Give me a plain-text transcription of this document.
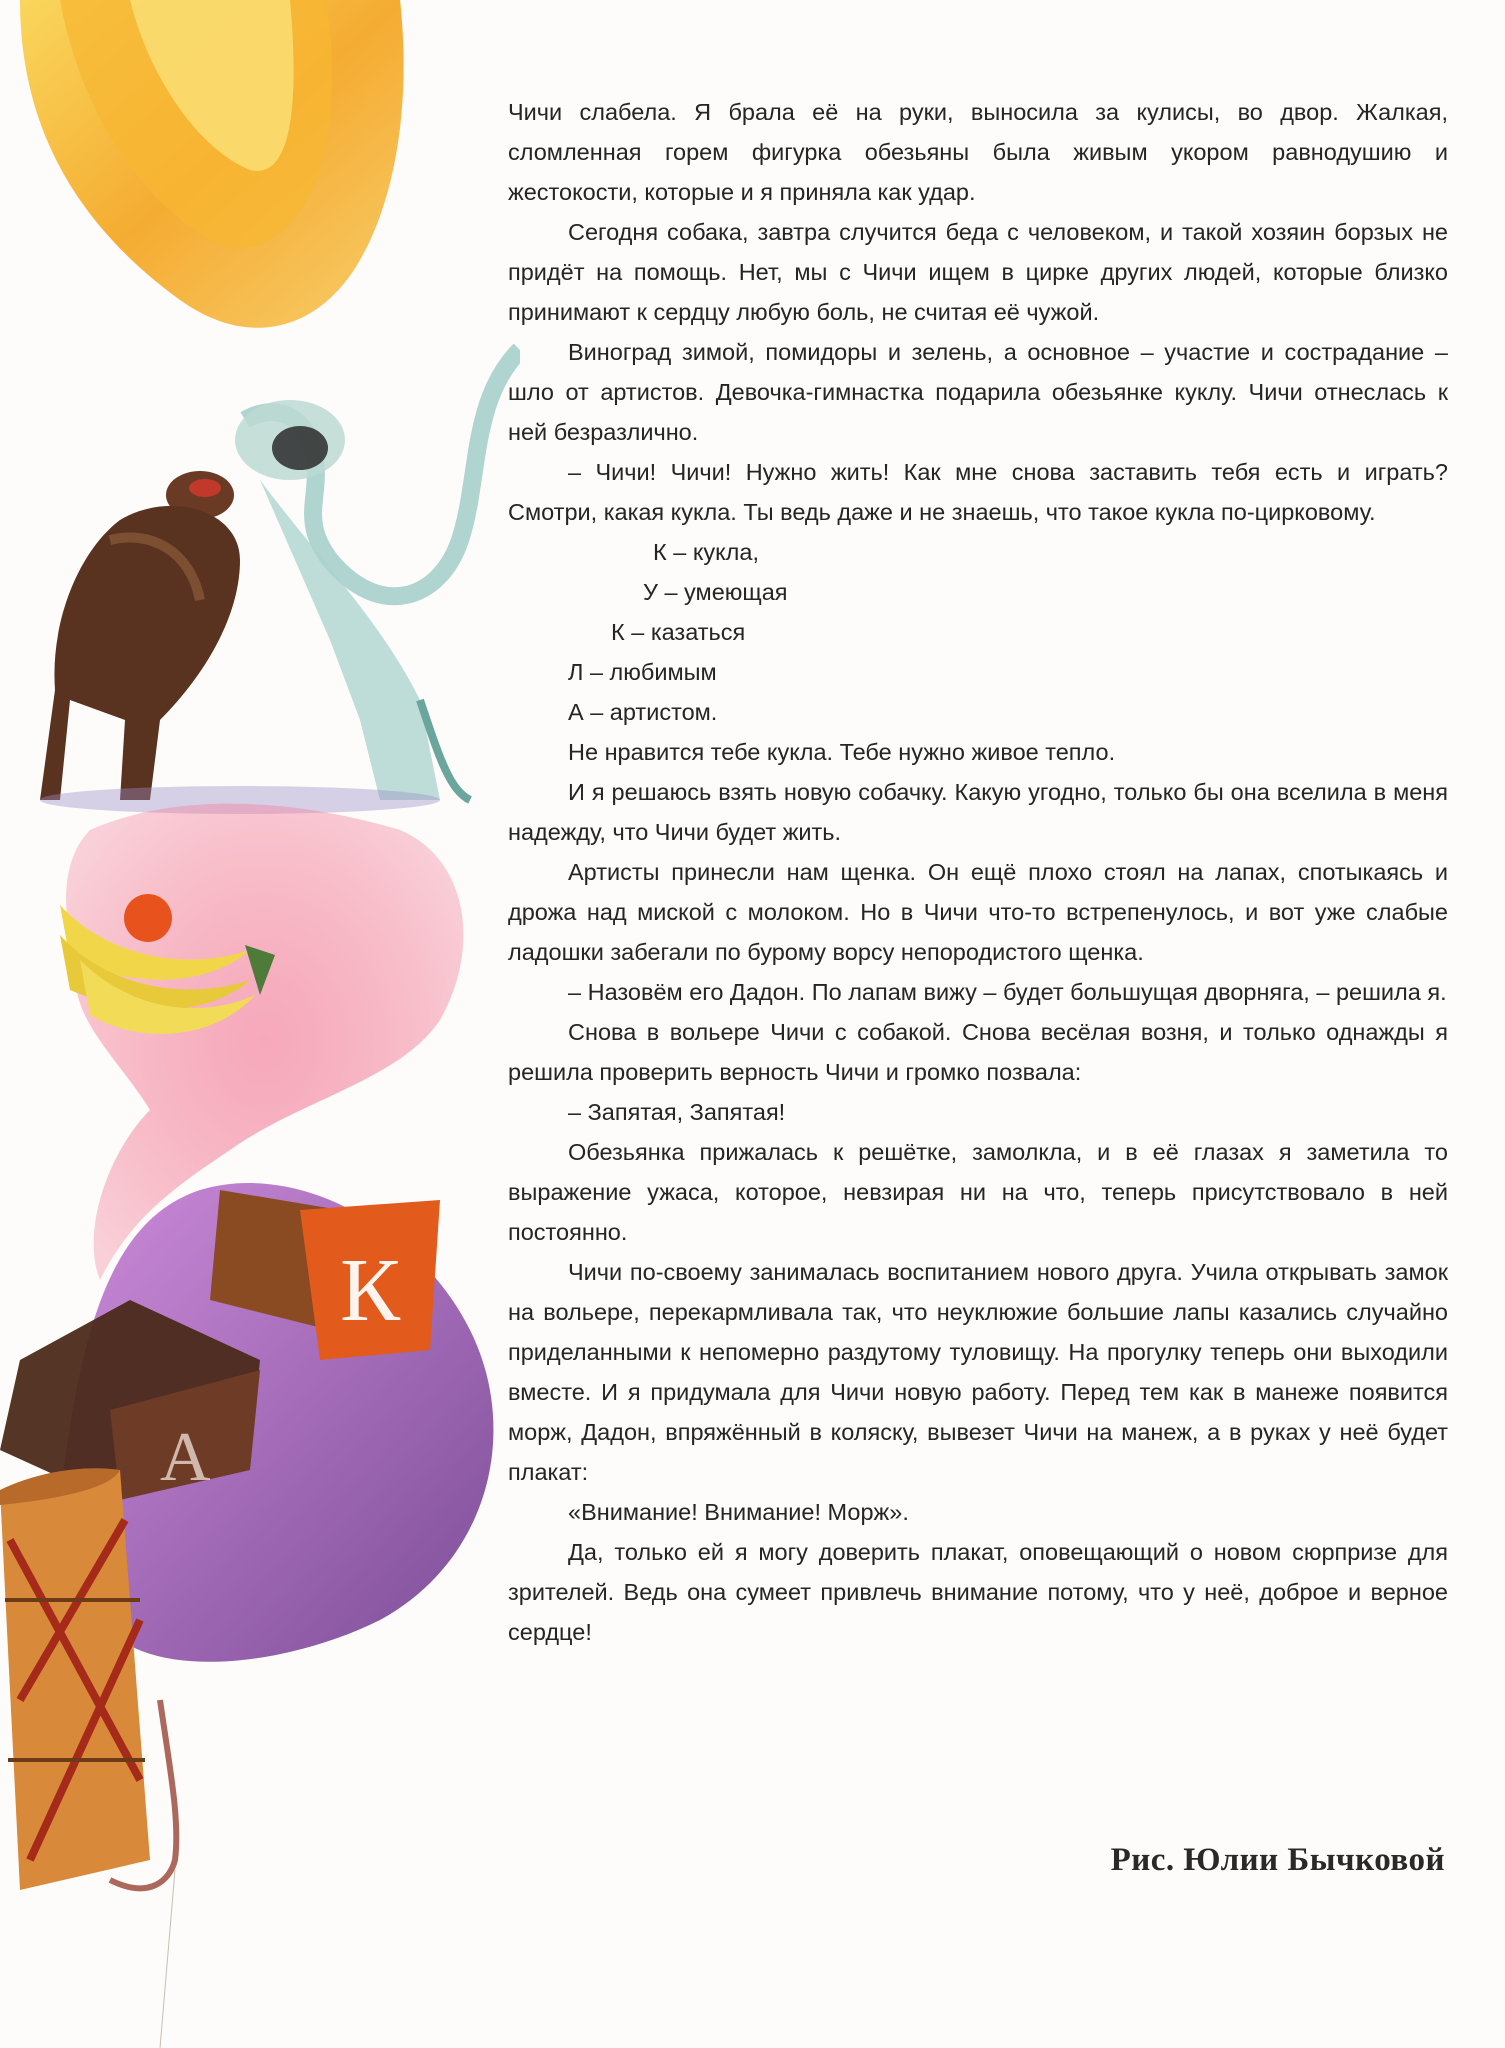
К
А

Чичи слабела. Я брала её на руки, выносила за кулисы, во двор. Жалкая, сломленная горем фигурка обезьяны была живым укором равнодушию и жестокости, которые и я приняла как удар.

Сегодня собака, завтра случится беда с человеком, и такой хозяин борзых не придёт на помощь. Нет, мы с Чичи ищем в цирке других людей, которые близко принимают к сердцу любую боль, не считая её чужой.

Виноград зимой, помидоры и зелень, а основное – участие и сострадание – шло от артистов. Девочка-гимнастка подарила обезьянке куклу. Чичи отнеслась к ней безразлично.

– Чичи! Чичи! Нужно жить! Как мне снова заставить тебя есть и играть? Смотри, какая кукла. Ты ведь даже и не знаешь, что такое кукла по-цирковому.

К – кукла,

У – умеющая

К – казаться

Л – любимым

А – артистом.

Не нравится тебе кукла. Тебе нужно живое тепло.

И я решаюсь взять новую собачку. Какую угодно, только бы она вселила в меня надежду, что Чичи будет жить.

Артисты принесли нам щенка. Он ещё плохо стоял на лапах, спотыкаясь и дрожа над миской с молоком. Но в Чичи что-то встрепенулось, и вот уже слабые ладошки забегали по бурому ворсу непородистого щенка.

– Назовём его Дадон. По лапам вижу – будет большущая дворняга, – решила я.

Снова в вольере Чичи с собакой. Снова весёлая возня, и только однажды я решила проверить верность Чичи и громко позвала:

– Запятая, Запятая!

Обезьянка прижалась к решётке, замолкла, и в её глазах я заметила то выражение ужаса, которое, невзирая ни на что, теперь присутствовало в ней постоянно.

Чичи по-своему занималась воспитанием нового друга. Учила открывать замок на вольере, перекармливала так, что неуклюжие большие лапы казались случайно приделанными к непомерно раздутому туловищу. На прогулку теперь они выходили вместе. И я придумала для Чичи новую работу. Перед тем как в манеже появится морж, Дадон, впряжённый в коляску, вывезет Чичи на манеж, а в руках у неё будет плакат:

«Внимание! Внимание! Морж».

Да, только ей я могу доверить плакат, оповещающий о новом сюрпризе для зрителей. Ведь она сумеет привлечь внимание потому, что у неё, доброе и верное сердце!

Рис. Юлии Бычковой
